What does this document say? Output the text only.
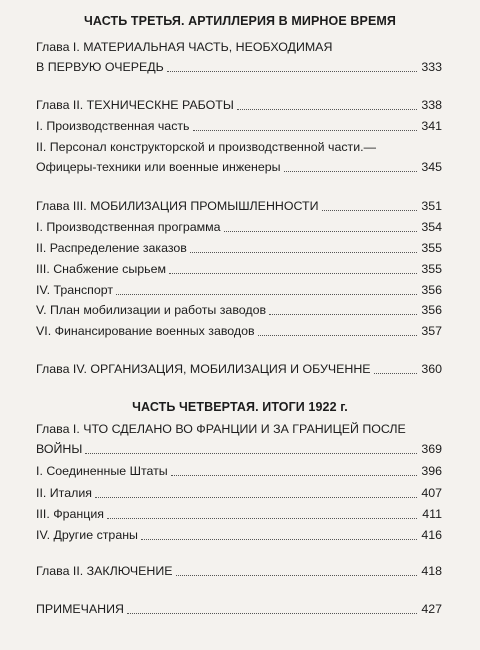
ЧАСТЬ ТРЕТЬЯ. АРТИЛЛЕРИЯ В МИРНОЕ ВРЕМЯ
Глава I. МАТЕРИАЛЬНАЯ ЧАСТЬ, НЕОБХОДИМАЯ
В ПЕРВУЮ ОЧЕРЕДЬ	333
Глава II. ТЕХНИЧЕСКНЕ РАБОТЫ	338
I. Производственная часть	341
II. Персонал конструкторской и производственной части.—
Офицеры-техники или военные инженеры	345
Глава III. МОБИЛИЗАЦИЯ ПРОМЫШЛЕННОСТИ	351
I. Производственная программа	354
II. Распределение заказов	355
III. Снабжение сырьем	355
IV. Транспорт	356
V. План мобилизации и работы заводов	356
VI. Финансирование военных заводов	357
Глава IV. ОРГАНИЗАЦИЯ, МОБИЛИЗАЦИЯ И ОБУЧЕННЕ	360
ЧАСТЬ ЧЕТВЕРТАЯ. ИТОГИ 1922 г.
Глава I. ЧТО СДЕЛАНО ВО ФРАНЦИИ И ЗА ГРАНИЦЕЙ ПОСЛЕ
ВОЙНЫ	369
I. Соединенные Штаты	396
II. Италия	407
III. Франция	411
IV. Другие страны	416
Глава II. ЗАКЛЮЧЕНИЕ	418
ПРИМЕЧАНИЯ	427
